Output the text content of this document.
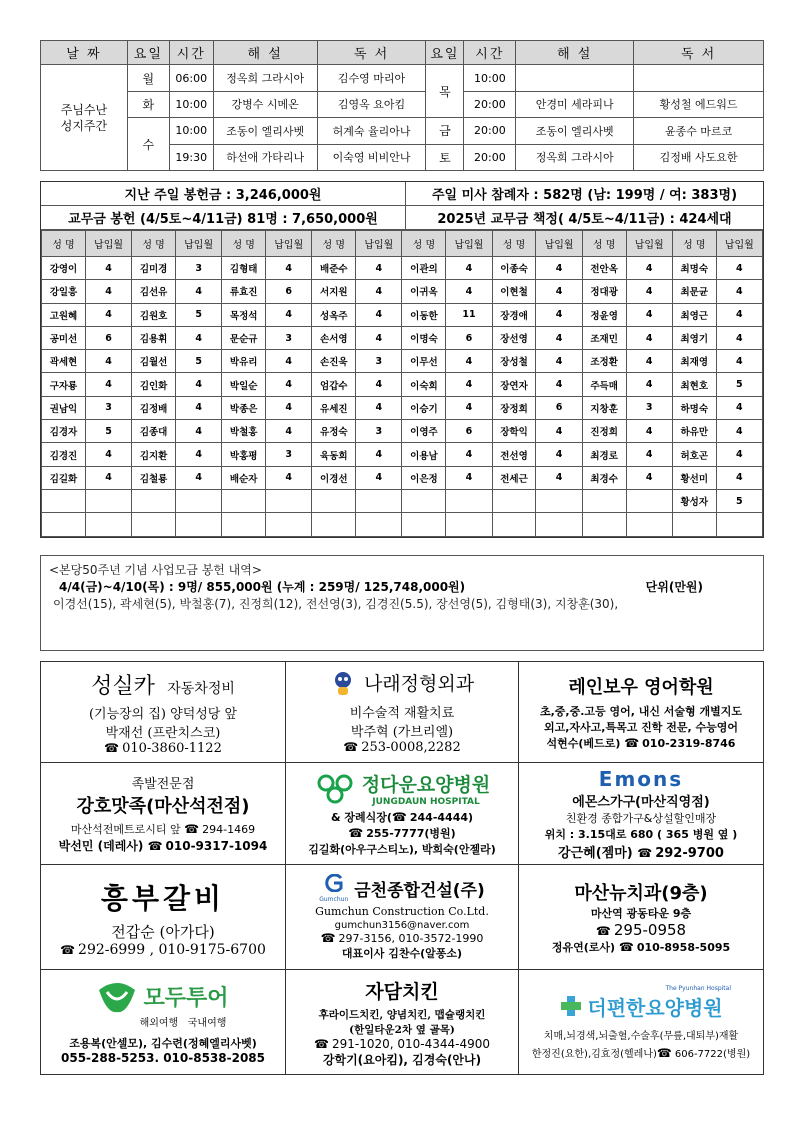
날 짜	요일	시간	해 설	독 서	요일	시간	해 설	독 서
주님수난
성지주간	월	06:00	정옥희 그라시아	김수영 마리아	목	10:00		
	화	10:00	강병수 시메온	김영옥 요아킴		20:00	안경미 세라피나	황성철 에드워드
	수	10:00	조동이 엘리사벳	허계숙 율리아나	금	20:00	조동이 엘리사벳	윤종수 마르코
		19:30	하선애 가타리나	이숙영 비비안나	토	20:00	정옥희 그라시아	김정배 사도요한
지난 주일 봉헌금 : 3,246,000원	주일 미사 참례자 : 582명 (남: 199명 / 여: 383명)
교무금 봉헌 (4/5토~4/11금) 81명 : 7,650,000원	2025년 교무금 책정( 4/5토~4/11금) : 424세대
성 명	납입월	성 명	납입월	성 명	납입월	성 명	납입월	성 명	납입월	성 명	납입월	성 명	납입월	성 명	납입월
강영이	4	김미경	3	김형태	4	배준수	4	이관의	4	이종숙	4	전안옥	4	최명숙	4
강일흥	4	김선유	4	류효진	6	서지원	4	이귀옥	4	이현철	4	정대광	4	최문균	4
고원혜	4	김원호	5	목정석	4	성옥주	4	이동한	11	장경애	4	정윤영	4	최영근	4
공미선	6	김용휘	4	문순규	3	손서영	4	이명숙	6	장선영	4	조재민	4	최영기	4
곽세현	4	김월선	5	박유리	4	손진욱	3	이무선	4	장성철	4	조정환	4	최재영	4
구자룡	4	김인화	4	박일순	4	엄갑수	4	이숙희	4	장연자	4	주득매	4	최현호	5
권남익	3	김정배	4	박종은	4	유세진	4	이승기	4	장정희	6	지창훈	3	하명숙	4
김경자	5	김종대	4	박철홍	4	유정숙	3	이영주	6	장학익	4	진정희	4	하유만	4
김경진	4	김지환	4	박홍평	3	육동희	4	이용남	4	전선영	4	최경로	4	허호곤	4
김길화	4	김철룡	4	배순자	4	이경선	4	이은정	4	전세근	4	최경수	4	황선미	4
														황성자	5

<본당50주년 기념 사업모금 봉헌 내역>
4/4(금)~4/10(목) : 9명/ 855,000원 (누계 : 259명/ 125,748,000원)	단위(만원)
이경선(15), 곽세현(5), 박철홍(7), 진정희(12), 전선영(3), 김경진(5.5), 장선영(5), 김형태(3), 지창훈(30),
성실카 자동차정비
(기능장의 집) 양덕성당 앞
박재선 (프란치스코)
☎ 010-3860-1122
나래정형외과
비수술적 재활치료
박주혁 (가브리엘)
☎ 253-0008,2282
레인보우 영어학원
초,중,중.고등 영어, 내신 서술형 개별지도
외고,자사고,특목고 진학 전문, 수능영어
석현수(베드로) ☎ 010-2319-8746
족발전문점
강호맛족(마산석전점)
마산석전메트로시티 앞 ☎ 294-1469
박선민 (데레사) ☎ 010-9317-1094
정다운요양병원
JUNGDAUN HOSPITAL
& 장례식장(☎ 244-4444)
☎ 255-7777(병원)
김길화(아우구스티노), 박희숙(안젤라)
Emons
에몬스가구(마산직영점)
친환경 종합가구&상설할인매장
위치 : 3.15대로 680 ( 365 병원 옆 )
강근혜(젬마) ☎ 292-9700
흥부갈비
전갑순 (아가다)
☎ 292-6999 , 010-9175-6700
Gumchun 금천종합건설(주)
Gumchun Construction Co.Ltd.
gumchun3156@naver.com
☎ 297-3156, 010-3572-1990
대표이사 김찬수(알퐁소)
마산뉴치과(9층)
마산역 광동타운 9층
☎ 295-0958
정유연(로사) ☎ 010-8958-5095
모두투어
해외여행   국내여행
조용복(안셀모), 김수련(정혜엘리사벳)
055-288-5253. 010-8538-2085
자담치킨
후라이드치킨, 양념치킨, 맵슐랭치킨
(한일타운2차 옆 골목)
☎ 291-1020, 010-4344-4900
강학기(요아킴), 김경숙(안나)
The Pyunhan Hospital
더편한요양병원
치매,뇌경색,뇌출혈,수술후(무릎,대퇴부)재활
한정진(요한),김효정(헬레나)☎ 606-7722(병원)
